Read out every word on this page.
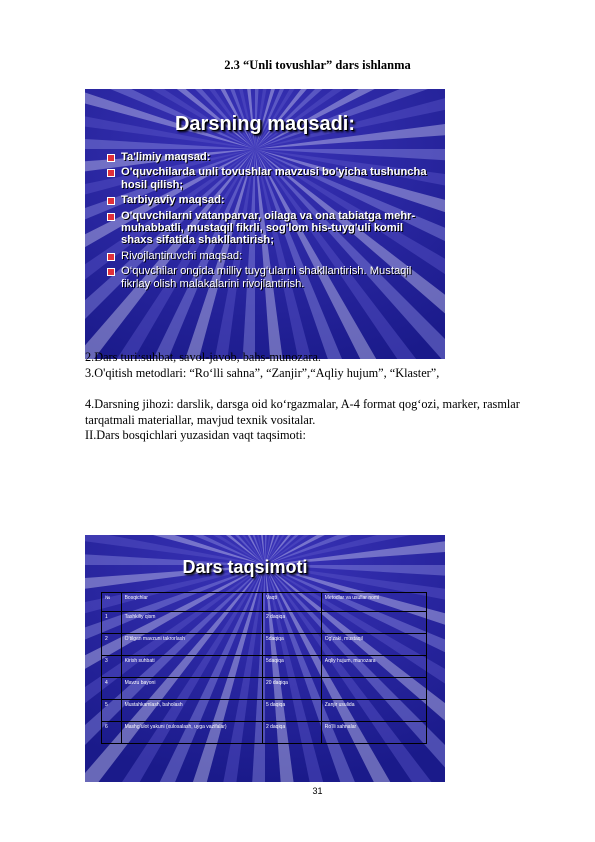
2.3 “Unli tovushlar” dars ishlanma
Darsning maqsadi:
Ta'limiy maqsad:
O'quvchilarda unli tovushlar mavzusi bo'yicha tushuncha hosil qilish;
Tarbiyaviy maqsad:
O'quvchilarni vatanparvar, oilaga va ona tabiatga mehr-muhabbatli, mustaqil fikrli, sog'lom his-tuyg'uli komil shaxs sifatida shakllantirish;
Rivojlantiruvchi maqsad:
O‘quvchilar ongida milliy tuyg‘ularni shakllantirish. Mustaqil fikrlay olish malakalarini rivojlantirish.
2.Dars turi:suhbat, savol-javob, bahs-munozara.
3.O'qitish metodlari: “Ro‘lli sahna”, “Zanjir”,“Aqliy hujum”, “Klaster”,
4.Darsning jihozi: darslik, darsga oid ko‘rgazmalar, A-4 format qog‘ozi, marker, rasmlar tarqatmali materiallar, mavjud texnik vositalar.
II.Dars bosqichlari yuzasidan vaqt taqsimoti:
Dars taqsimoti
№	Bosqichlar	Vaqti	Metodlar va usullar nomi
1	Tashkiliy qism	2 daqiqa	
2	O‘tilgan mavzuni takrorlash	5daqiqa	Og‘zaki, mustaqil
3	Kirish suhbati	5daqiqa	Aqliy hujum, munozara
4	Mavzu bayoni	20 daqiqa	
5	Mustahkamlash, baholash	5 daqiqa	Zanjir usulida
6	Mashg‘ulot yakuni (xulosalash, uyga vazifalar)	2 daqiqa	Ro‘lli sahnalar
31
